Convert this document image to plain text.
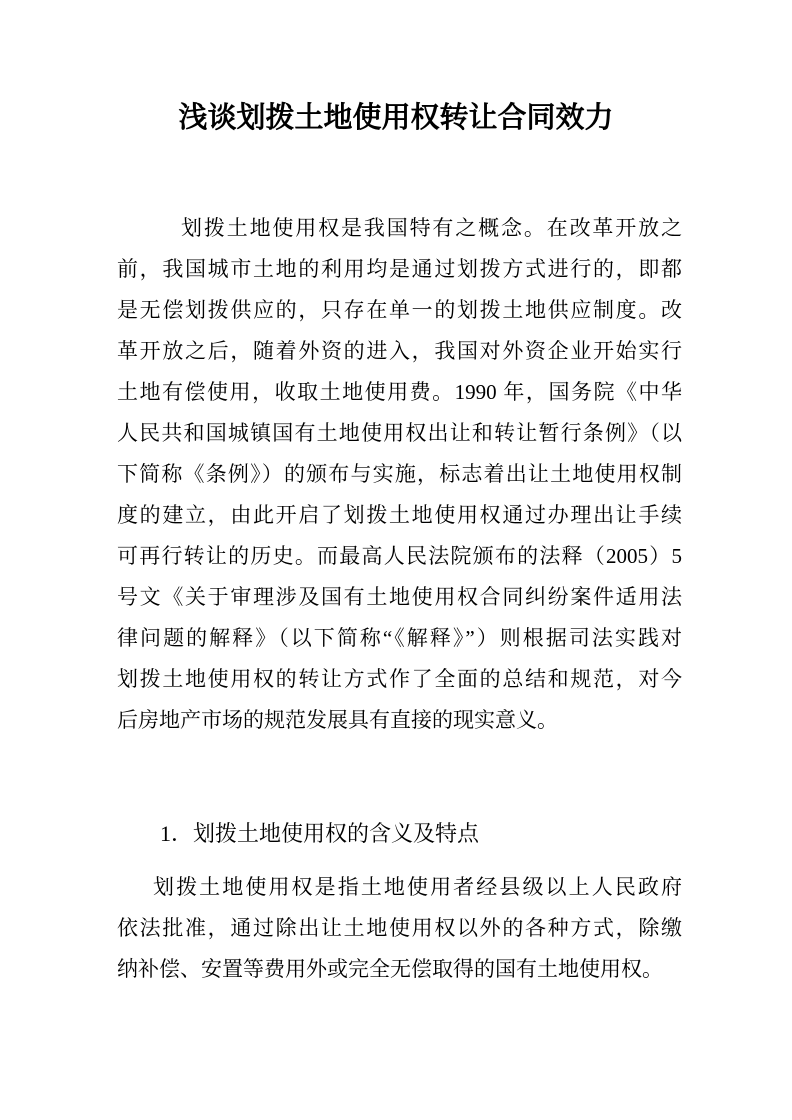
浅谈划拨土地使用权转让合同效力
划拨土地使用权是我国特有之概念。在改革开放之
前，我国城市土地的利用均是通过划拨方式进行的，即都
是无偿划拨供应的，只存在单一的划拨土地供应制度。改
革开放之后，随着外资的进入，我国对外资企业开始实行
土地有偿使用，收取土地使用费。1990 年，国务院《中华
人民共和国城镇国有土地使用权出让和转让暂行条例》（以
下简称《条例》）的颁布与实施，标志着出让土地使用权制
度的建立，由此开启了划拨土地使用权通过办理出让手续
可再行转让的历史。而最高人民法院颁布的法释（2005）5
号文《关于审理涉及国有土地使用权合同纠纷案件适用法
律问题的解释》（以下简称“《解释》”）则根据司法实践对
划拨土地使用权的转让方式作了全面的总结和规范，对今
后房地产市场的规范发展具有直接的现实意义。
1．划拨土地使用权的含义及特点
划拨土地使用权是指土地使用者经县级以上人民政府
依法批准，通过除出让土地使用权以外的各种方式，除缴
纳补偿、安置等费用外或完全无偿取得的国有土地使用权。
